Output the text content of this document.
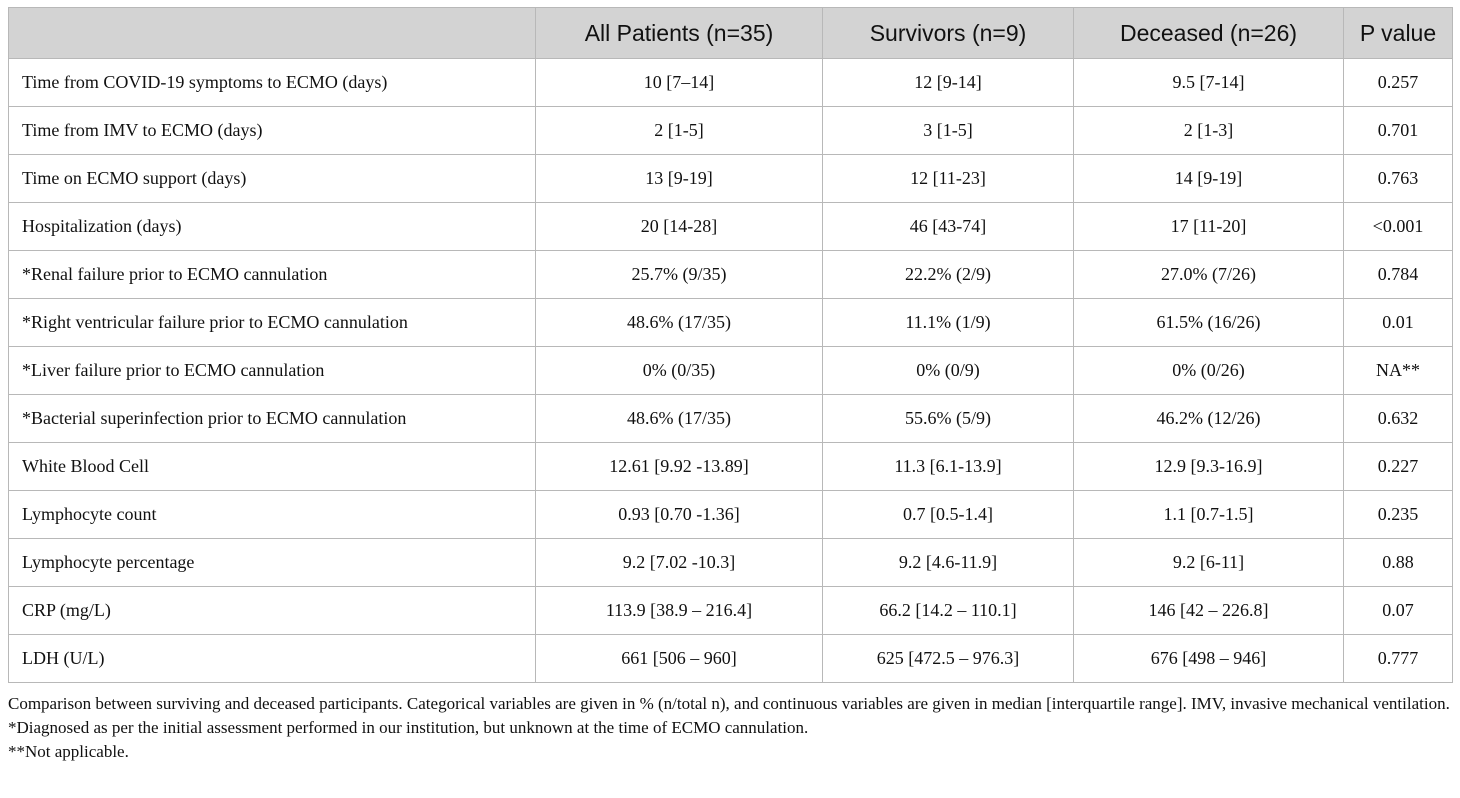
	All Patients (n=35)	Survivors (n=9)	Deceased (n=26)	P value
Time from COVID-19 symptoms to ECMO (days)	10 [7–14]	12 [9-14]	9.5 [7-14]	0.257
Time from IMV to ECMO (days)	2 [1-5]	3 [1-5]	2 [1-3]	0.701
Time on ECMO support (days)	13 [9-19]	12 [11-23]	14 [9-19]	0.763
Hospitalization (days)	20 [14-28]	46 [43-74]	17 [11-20]	<0.001
*Renal failure prior to ECMO cannulation	25.7% (9/35)	22.2% (2/9)	27.0% (7/26)	0.784
*Right ventricular failure prior to ECMO cannulation	48.6% (17/35)	11.1% (1/9)	61.5% (16/26)	0.01
*Liver failure prior to ECMO cannulation	0% (0/35)	0% (0/9)	0% (0/26)	NA**
*Bacterial superinfection prior to ECMO cannulation	48.6% (17/35)	55.6% (5/9)	46.2% (12/26)	0.632
White Blood Cell	12.61 [9.92 -13.89]	11.3 [6.1-13.9]	12.9 [9.3-16.9]	0.227
Lymphocyte count	0.93 [0.70 -1.36]	0.7 [0.5-1.4]	1.1 [0.7-1.5]	0.235
Lymphocyte percentage	9.2 [7.02 -10.3]	9.2 [4.6-11.9]	9.2 [6-11]	0.88
CRP (mg/L)	113.9 [38.9 – 216.4]	66.2 [14.2 – 110.1]	146 [42 – 226.8]	0.07
LDH (U/L)	661 [506 – 960]	625 [472.5 – 976.3]	676 [498 – 946]	0.777

Comparison between surviving and deceased participants. Categorical variables are given in % (n/total n), and continuous variables are given in median [interquartile range]. IMV, invasive mechanical ventilation.

*Diagnosed as per the initial assessment performed in our institution, but unknown at the time of ECMO cannulation.

**Not applicable.
